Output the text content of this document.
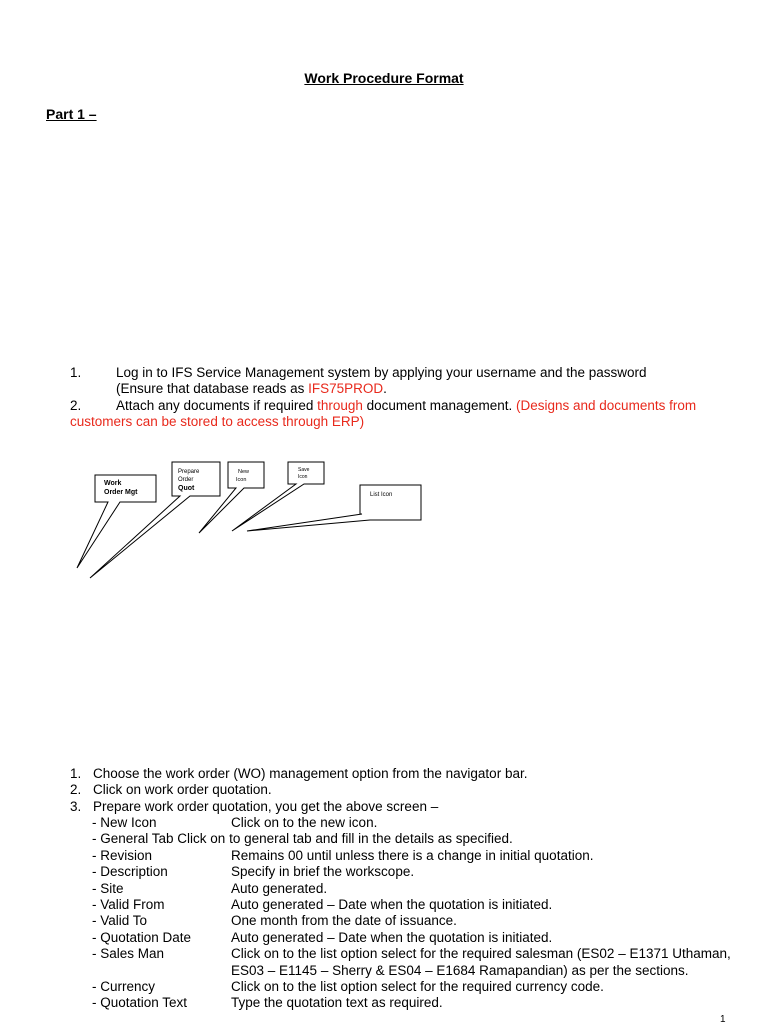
Work Procedure Format
Part 1 –
1.	Log in to IFS Service Management system by applying your username and the password
(Ensure that database reads as IFS75PROD.
2.	Attach any documents if required through document management. (Designs and documents from customers can be stored to access through ERP)
Work
Order Mgt
Prepare
Order
Quot
New
Icon
Save
Icon
List Icon
1. Choose the work order (WO) management option from the navigator bar.
2. Click on work order quotation.
3. Prepare work order quotation, you get the above screen –
- New Icon	Click on to the new icon.
- General Tab Click on to general tab and fill in the details as specified.
- Revision	Remains 00 until unless there is a change in initial quotation.
- Description	Specify in brief the workscope.
- Site	Auto generated.
- Valid From	Auto generated – Date when the quotation is initiated.
- Valid To	One month from the date of issuance.
- Quotation Date	Auto generated – Date when the quotation is initiated.
- Sales Man	Click on to the list option select for the required salesman (ES02 – E1371 Uthaman, ES03 – E1145 – Sherry & ES04 – E1684 Ramapandian) as per the sections.
- Currency	Click on to the list option select for the required currency code.
- Quotation Text	Type the quotation text as required.
1
